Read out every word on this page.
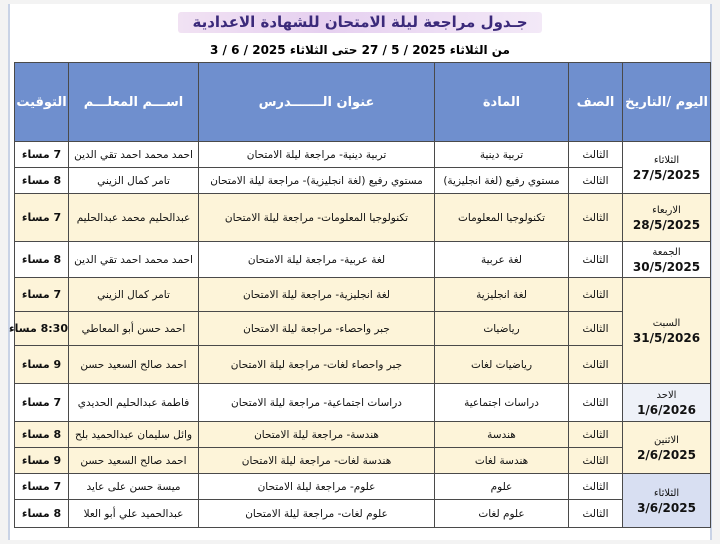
جـدول مراجعة ليلة الامتحان للشهادة الاعدادية
من الثلاثاء 2025 / 5 / 27 حتى الثلاثاء 2025 / 6 / 3
اليوم /التاريخ	الصف	المادة	عنوان الـــــــدرس	اســـم المعلـــم	التوقيت

الثلاثاء
27/5/2025	الثالث	تربية دينية	تربية دينية- مراجعة ليلة الامتحان	احمد محمد احمد تقي الدين	7 مساء
	الثالث	مستوي رفيع (لغة انجليزية)	مستوي رفيع (لغة انجليزية)- مراجعة ليلة الامتحان	تامر كمال الزيني	8 مساء

الاربعاء
28/5/2025	الثالث	تكنولوجيا المعلومات	تكنولوجيا المعلومات- مراجعة ليلة الامتحان	عبدالحليم محمد عبدالحليم	7 مساء

الجمعة
30/5/2025	الثالث	لغة عربية	لغة عربية- مراجعة ليلة الامتحان	احمد محمد احمد تقي الدين	8 مساء

السبت
31/5/2026	الثالث	لغة انجليزية	لغة انجليزية- مراجعة ليلة الامتحان	تامر كمال الزيني	7 مساء
	الثالث	رياضيات	جبر واحصاء- مراجعة ليلة الامتحان	احمد حسن أبو المعاطي	8:30 مساء
	الثالث	رياضيات لغات	جبر واحصاء لغات- مراجعة ليلة الامتحان	احمد صالح السعيد حسن	9 مساء

الاحد
1/6/2026	الثالث	دراسات اجتماعية	دراسات اجتماعية- مراجعة ليلة الامتحان	فاطمة عبدالحليم الحديدي	7 مساء

الاثنين
2/6/2025	الثالث	هندسة	هندسة- مراجعة ليلة الامتحان	وائل سليمان عبدالحميد بلح	8 مساء
	الثالث	هندسة لغات	هندسة لغات- مراجعة ليلة الامتحان	احمد صالح السعيد حسن	9 مساء

الثلاثاء
3/6/2025	الثالث	علوم	علوم- مراجعة ليلة الامتحان	ميسة حسن على عايد	7 مساء
	الثالث	علوم لغات	علوم لغات- مراجعة ليلة الامتحان	عبدالحميد علي أبو العلا	8 مساء
